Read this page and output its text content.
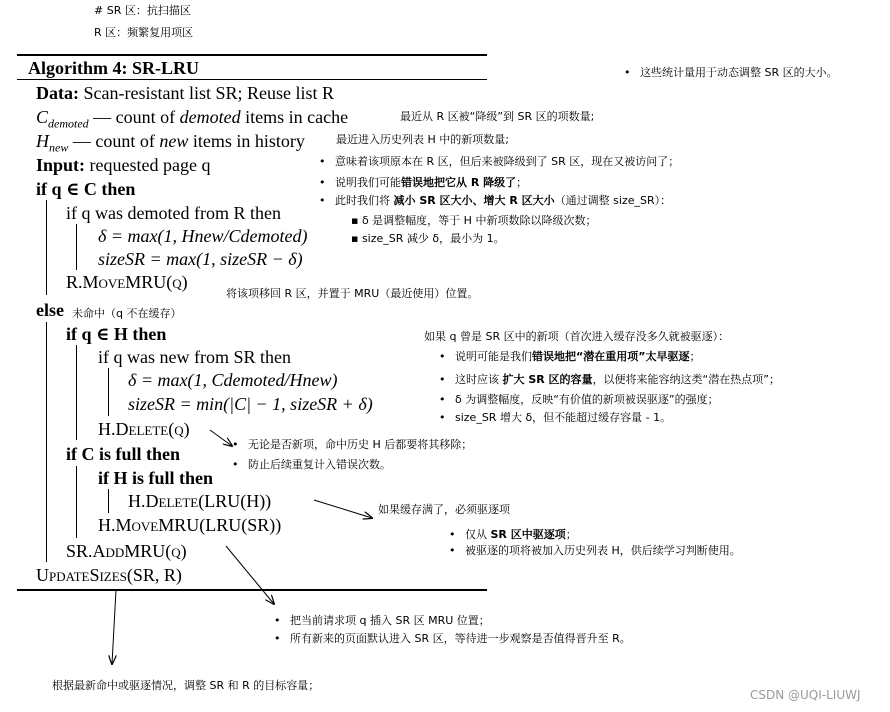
# SR 区：抗扫描区
R 区：频繁复用项区
Algorithm 4: SR-LRU
Data: Scan-resistant list SR; Reuse list R
$C_{demoted}$ — count of demoted items in cache
$H_{new}$ — count of new items in history
Input: requested page q
if q ∈ C then
if q was demoted from R then
δ = max(1, Hnew/Cdemoted)
sizeSR = max(1, sizeSR − δ)
R.MoveMRU(q)
else
if q ∈ H then
if q was new from SR then
δ = max(1, Cdemoted/Hnew)
sizeSR = min(|C| − 1, sizeSR + δ)
H.Delete(q)
if C is full then
if H is full then
H.Delete(LRU(H))
H.MoveMRU(LRU(SR))
SR.AddMRU(q)
UpdateSizes(SR, R)
• 这些统计量用于动态调整 SR 区的大小。
最近从 R 区被“降级”到 SR 区的项数量;
最近进入历史列表 H 中的新项数量;
• 意味着该项原本在 R 区，但后来被降级到了 SR 区，现在又被访问了；
• 说明我们可能错误地把它从 R 降级了；
• 此时我们将 减小 SR 区大小、增大 R 区大小（通过调整 size_SR）：
▪ δ 是调整幅度，等于 H 中新项数除以降级次数；
▪ size_SR 减少 δ，最小为 1。
将该项移回 R 区，并置于 MRU（最近使用）位置。
未命中（q 不在缓存）
如果 q 曾是 SR 区中的新项（首次进入缓存没多久就被驱逐）：
• 说明可能是我们错误地把“潜在重用项”太早驱逐；
• 这时应该 扩大 SR 区的容量，以便将来能容纳这类“潜在热点项”；
• δ 为调整幅度，反映“有价值的新项被误驱逐”的强度；
• size_SR 增大 δ，但不能超过缓存容量 - 1。
• 无论是否新项，命中历史 H 后都要将其移除；
• 防止后续重复计入错误次数。
如果缓存满了，必须驱逐项
• 仅从 SR 区中驱逐项；
• 被驱逐的项将被加入历史列表 H，供后续学习判断使用。
• 把当前请求项 q 插入 SR 区 MRU 位置；
• 所有新来的页面默认进入 SR 区，等待进一步观察是否值得晋升至 R。
根据最新命中或驱逐情况，调整 SR 和 R 的目标容量；
CSDN @UQI-LIUWJ
